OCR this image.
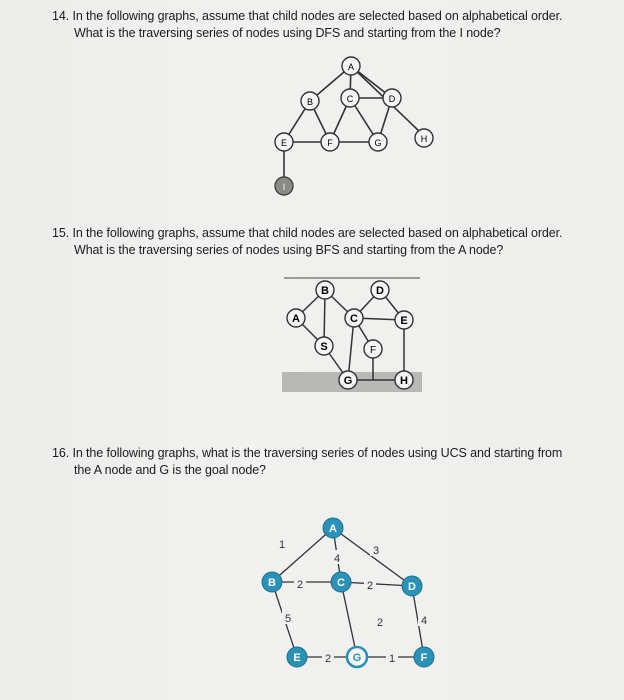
14. In the following graphs, assume that child nodes are selected based on alphabetical order.
What is the traversing series of nodes using DFS and starting from the I node?
15. In the following graphs, assume that child nodes are selected based on alphabetical order.
What is the traversing series of nodes using BFS and starting from the A node?
16. In the following graphs, what is the traversing series of nodes using UCS and starting from
the A node and G is the goal node?
A
B	C	D
E	F	G	H
I
A
B
C
D
E
F
G	H
S
1
4
3
2	2
5	2	4
2	1
A
B	C	D
E	F
G
